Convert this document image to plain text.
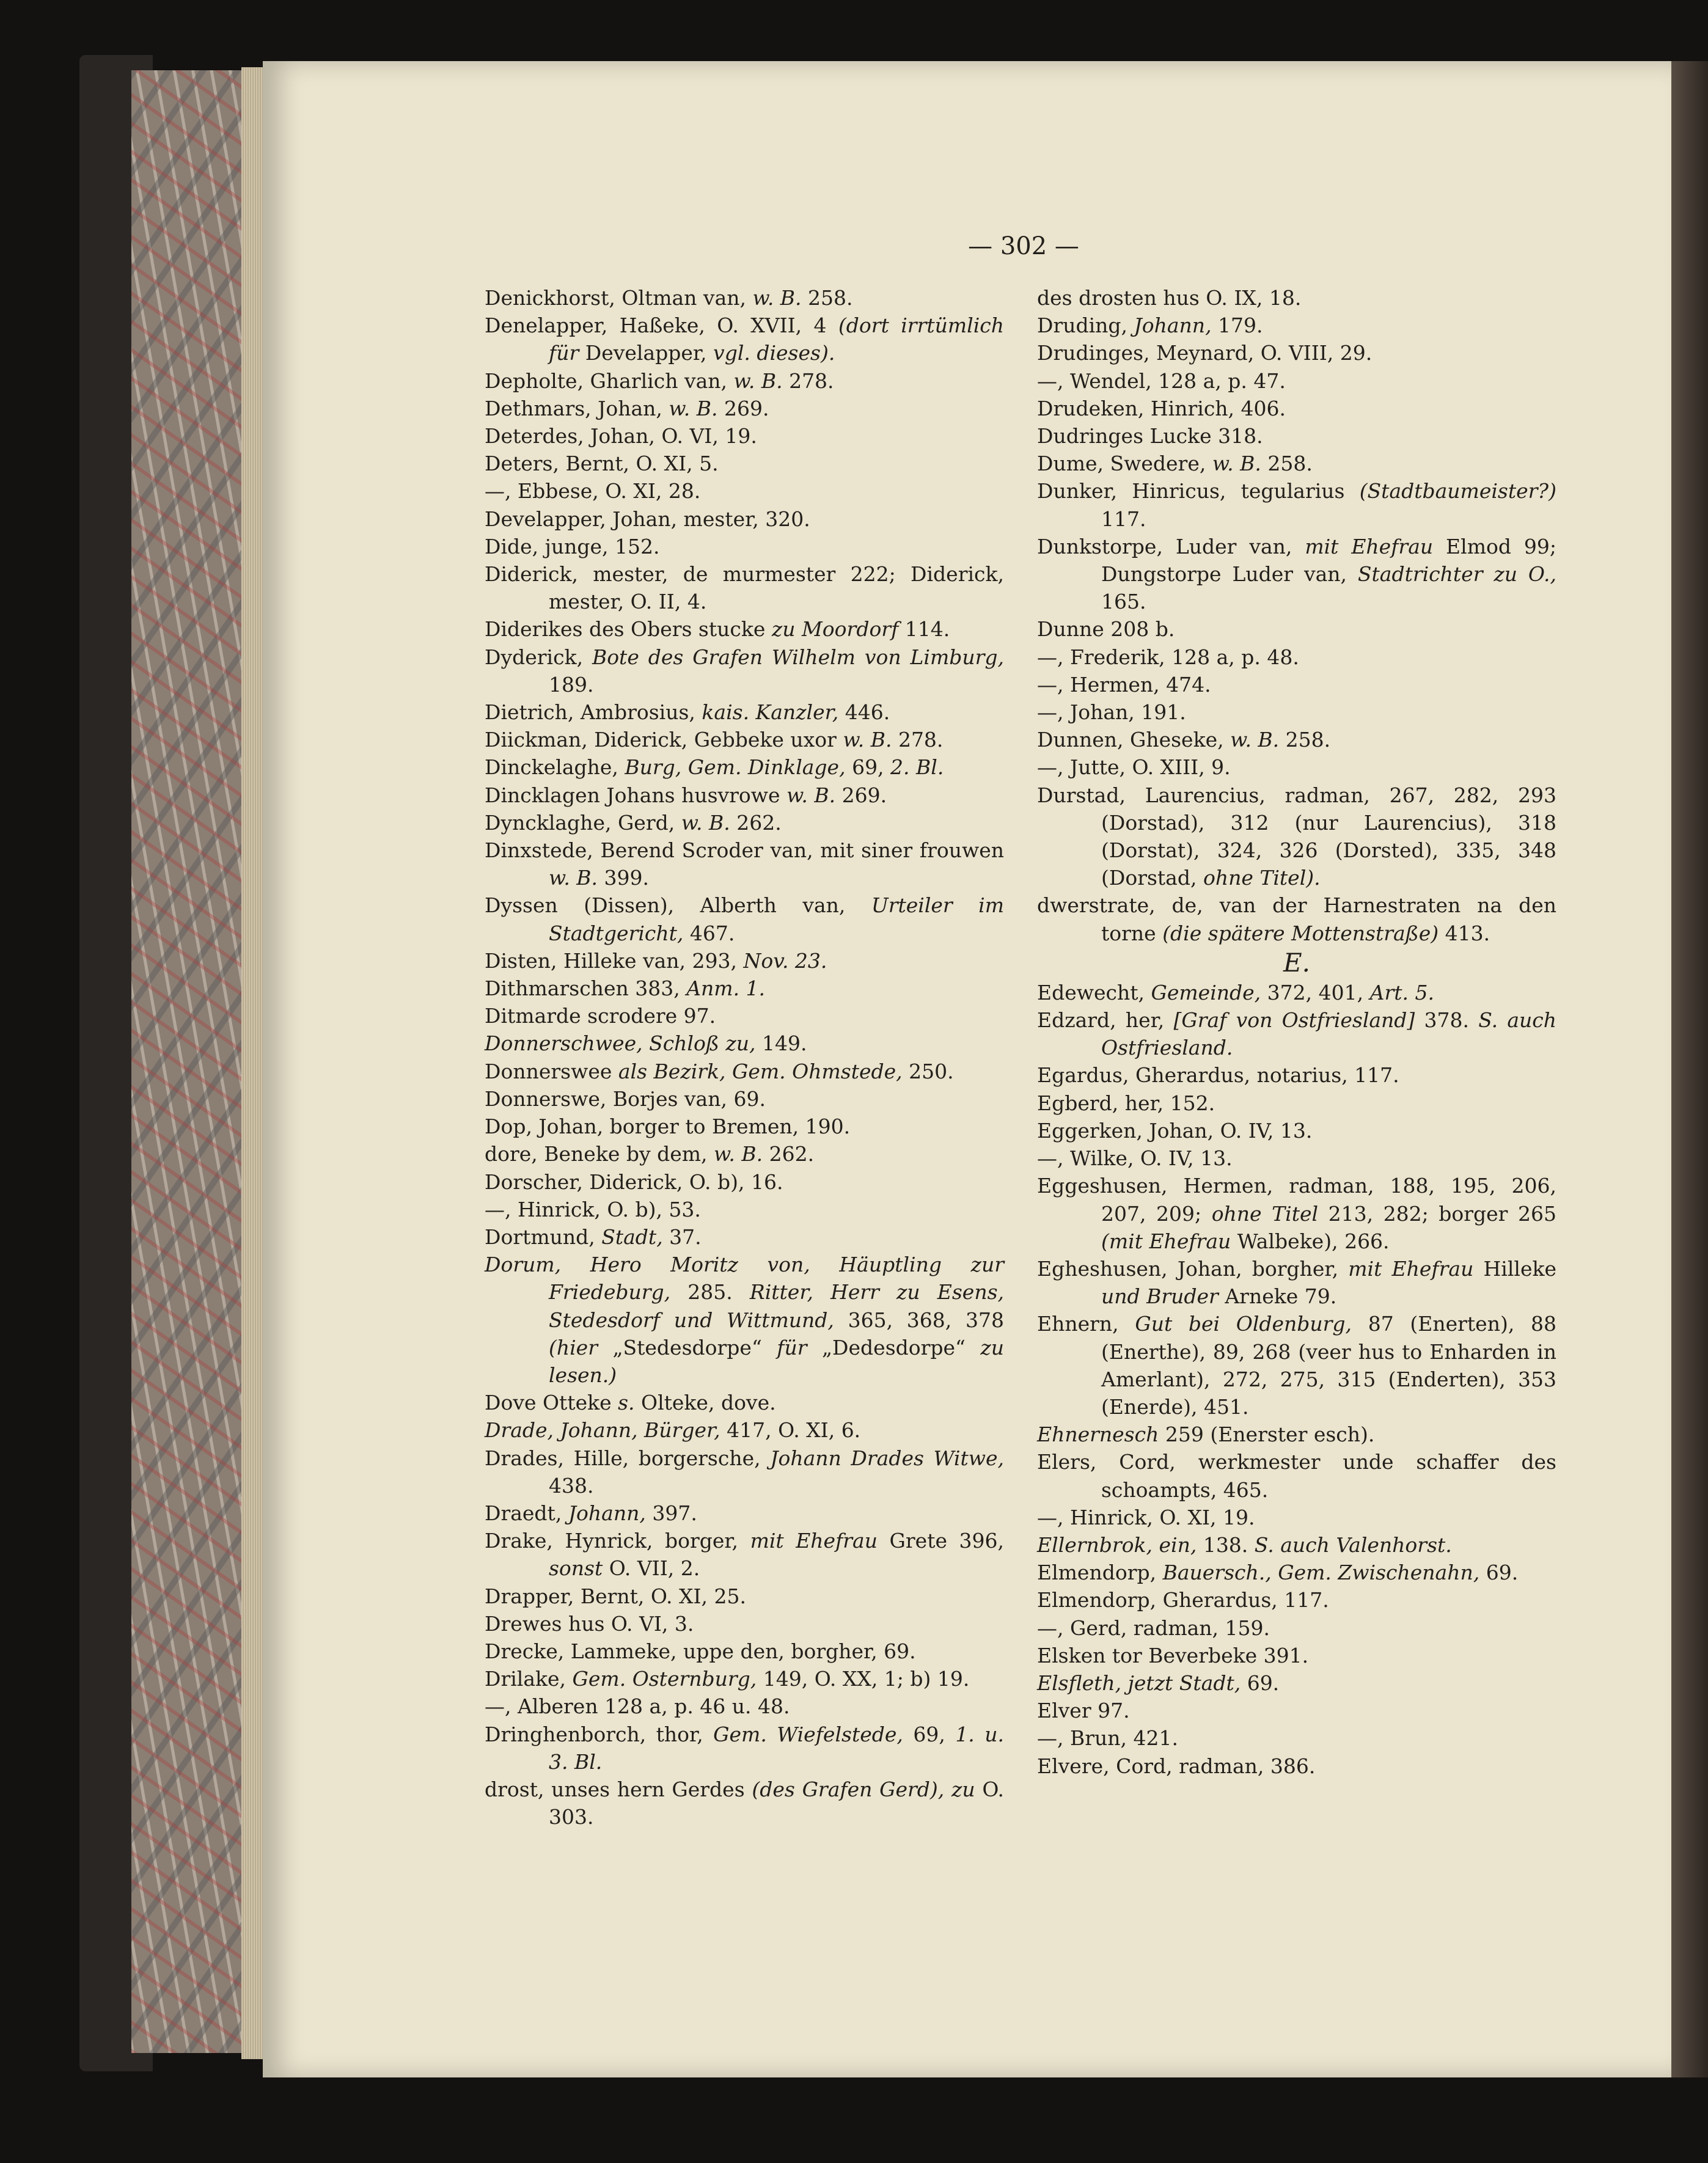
— 302 —
Denickhorst, Oltman van, w. B. 258.
Denelapper, Haßeke, O. XVII, 4 (dort irrtümlich für Develapper, vgl. dieses).
Depholte, Gharlich van, w. B. 278.
Dethmars, Johan, w. B. 269.
Deterdes, Johan, O. VI, 19.
Deters, Bernt, O. XI, 5.
—, Ebbese, O. XI, 28.
Develapper, Johan, mester, 320.
Dide, junge, 152.
Diderick, mester, de murmester 222; Diderick, mester, O. II, 4.
Diderikes des Obers stucke zu Moordorf 114.
Dyderick, Bote des Grafen Wilhelm von Limburg, 189.
Dietrich, Ambrosius, kais. Kanzler, 446.
Diickman, Diderick, Gebbeke uxor w. B. 278.
Dinckelaghe, Burg, Gem. Dinklage, 69, 2. Bl.
Dincklagen Johans husvrowe w. B. 269.
Dyncklaghe, Gerd, w. B. 262.
Dinxstede, Berend Scroder van, mit siner frouwen w. B. 399.
Dyssen (Dissen), Alberth van, Urteiler im Stadtgericht, 467.
Disten, Hilleke van, 293, Nov. 23.
Dithmarschen 383, Anm. 1.
Ditmarde scrodere 97.
Donnerschwee, Schloß zu, 149.
Donnerswee als Bezirk, Gem. Ohmstede, 250.
Donnerswe, Borjes van, 69.
Dop, Johan, borger to Bremen, 190.
dore, Beneke by dem, w. B. 262.
Dorscher, Diderick, O. b), 16.
—, Hinrick, O. b), 53.
Dortmund, Stadt, 37.
Dorum, Hero Moritz von, Häuptling zur Friedeburg, 285. Ritter, Herr zu Esens, Stedesdorf und Wittmund, 365, 368, 378 (hier „Stedesdorpe“ für „Dedesdorpe“ zu lesen.)
Dove Otteke s. Olteke, dove.
Drade, Johann, Bürger, 417, O. XI, 6.
Drades, Hille, borgersche, Johann Drades Witwe, 438.
Draedt, Johann, 397.
Drake, Hynrick, borger, mit Ehefrau Grete 396, sonst O. VII, 2.
Drapper, Bernt, O. XI, 25.
Drewes hus O. VI, 3.
Drecke, Lammeke, uppe den, borgher, 69.
Drilake, Gem. Osternburg, 149, O. XX, 1; b) 19.
—, Alberen 128 a, p. 46 u. 48.
Dringhenborch, thor, Gem. Wiefelstede, 69, 1. u. 3. Bl.
drost, unses hern Gerdes (des Grafen Gerd), zu O. 303.
des drosten hus O. IX, 18.
Druding, Johann, 179.
Drudinges, Meynard, O. VIII, 29.
—, Wendel, 128 a, p. 47.
Drudeken, Hinrich, 406.
Dudringes Lucke 318.
Dume, Swedere, w. B. 258.
Dunker, Hinricus, tegularius (Stadtbaumeister?) 117.
Dunkstorpe, Luder van, mit Ehefrau Elmod 99; Dungstorpe Luder van, Stadtrichter zu O., 165.
Dunne 208 b.
—, Frederik, 128 a, p. 48.
—, Hermen, 474.
—, Johan, 191.
Dunnen, Gheseke, w. B. 258.
—, Jutte, O. XIII, 9.
Durstad, Laurencius, radman, 267, 282, 293 (Dorstad), 312 (nur Laurencius), 318 (Dorstat), 324, 326 (Dorsted), 335, 348 (Dorstad, ohne Titel).
dwerstrate, de, van der Harnestraten na den torne (die spätere Mottenstraße) 413.
E.
Edewecht, Gemeinde, 372, 401, Art. 5.
Edzard, her, [Graf von Ostfriesland] 378. S. auch Ostfriesland.
Egardus, Gherardus, notarius, 117.
Egberd, her, 152.
Eggerken, Johan, O. IV, 13.
—, Wilke, O. IV, 13.
Eggeshusen, Hermen, radman, 188, 195, 206, 207, 209; ohne Titel 213, 282; borger 265 (mit Ehefrau Walbeke), 266.
Egheshusen, Johan, borgher, mit Ehefrau Hilleke und Bruder Arneke 79.
Ehnern, Gut bei Oldenburg, 87 (Enerten), 88 (Enerthe), 89, 268 (veer hus to Enharden in Amerlant), 272, 275, 315 (Enderten), 353 (Enerde), 451.
Ehnernesch 259 (Enerster esch).
Elers, Cord, werkmester unde schaffer des schoampts, 465.
—, Hinrick, O. XI, 19.
Ellernbrok, ein, 138. S. auch Valenhorst.
Elmendorp, Bauersch., Gem. Zwischenahn, 69.
Elmendorp, Gherardus, 117.
—, Gerd, radman, 159.
Elsken tor Beverbeke 391.
Elsfleth, jetzt Stadt, 69.
Elver 97.
—, Brun, 421.
Elvere, Cord, radman, 386.
